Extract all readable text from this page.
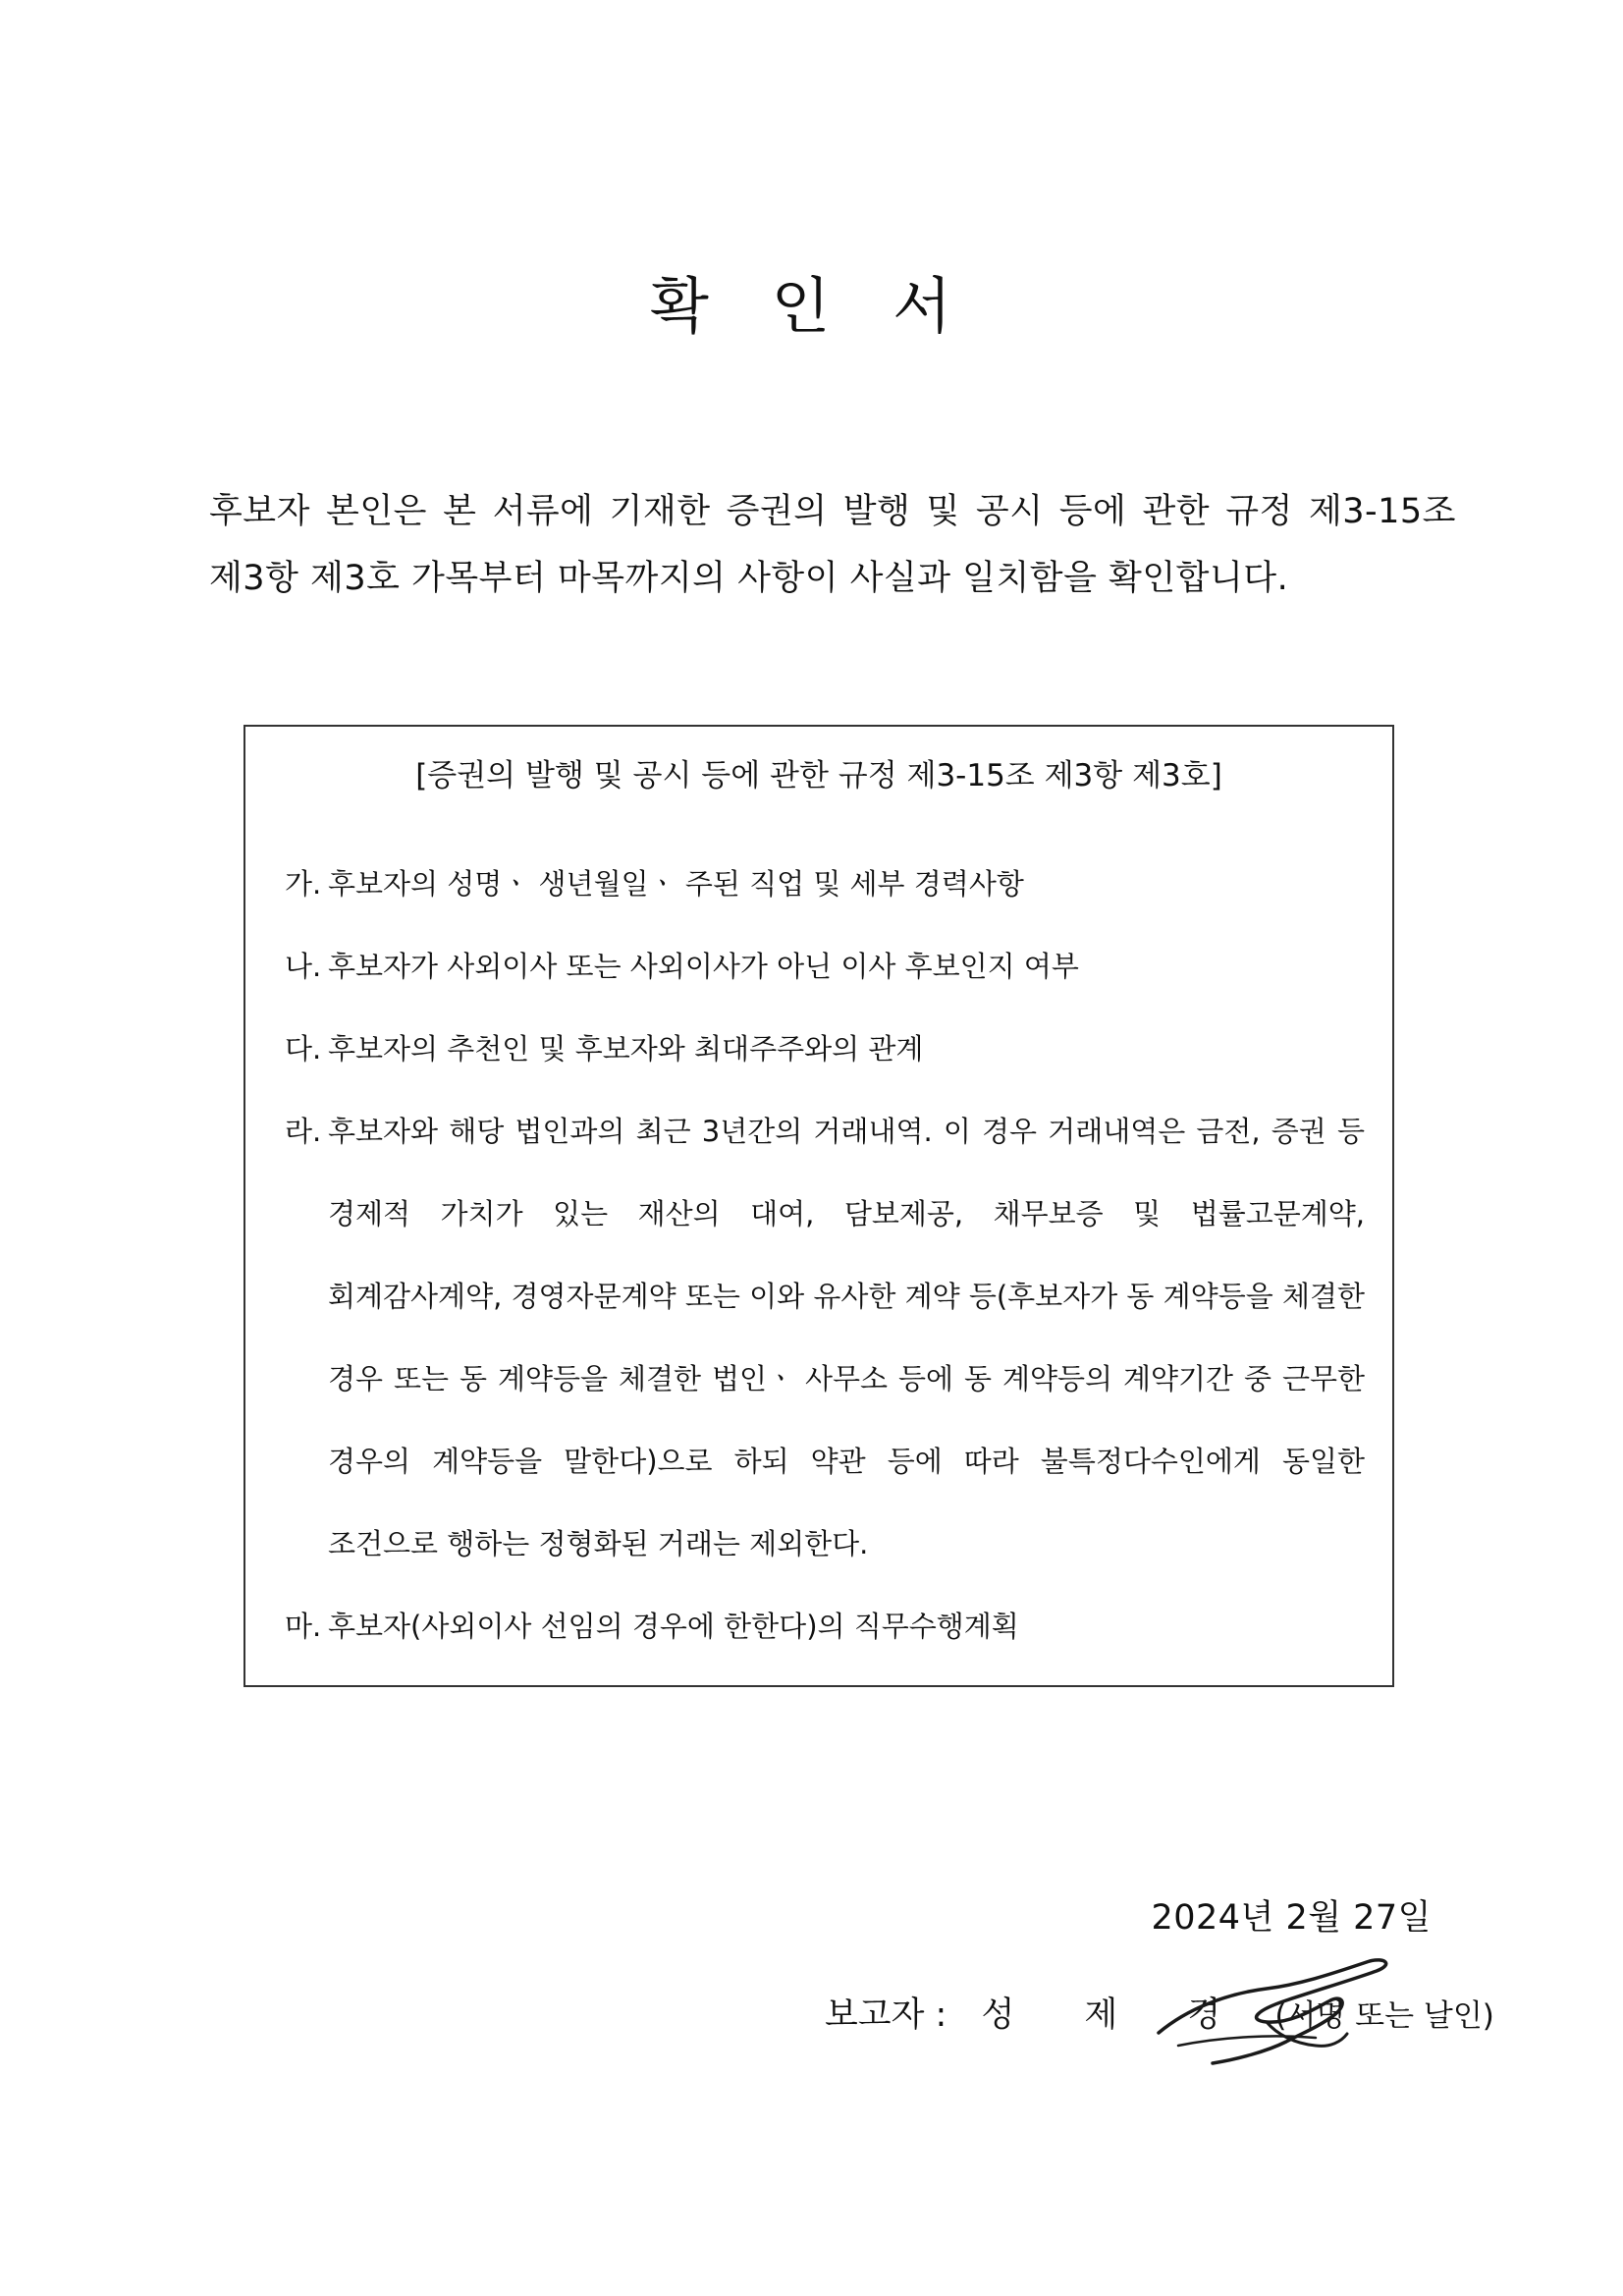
확 인 서
후보자 본인은 본 서류에 기재한 증권의 발행 및 공시 등에 관한 규정 제3-15조 제3항 제3호 가목부터 마목까지의 사항이 사실과 일치함을 확인합니다.
[증권의 발행 및 공시 등에 관한 규정 제3-15조 제3항 제3호]
가. 후보자의 성명ㆍ 생년월일ㆍ 주된 직업 및 세부 경력사항
나. 후보자가 사외이사 또는 사외이사가 아닌 이사 후보인지 여부
다. 후보자의 추천인 및 후보자와 최대주주와의 관계
라. 후보자와 해당 법인과의 최근 3년간의 거래내역. 이 경우 거래내역은 금전, 증권 등 경제적 가치가 있는 재산의 대여, 담보제공, 채무보증 및 법률고문계약, 회계감사계약, 경영자문계약 또는 이와 유사한 계약 등(후보자가 동 계약등을 체결한 경우 또는 동 계약등을 체결한 법인ㆍ 사무소 등에 동 계약등의 계약기간 중 근무한 경우의 계약등을 말한다)으로 하되 약관 등에 따라 불특정다수인에게 동일한 조건으로 행하는 정형화된 거래는 제외한다.
마. 후보자(사외이사 선임의 경우에 한한다)의 직무수행계획
2024년 2월 27일
보고자 : 성 제 경 (서명 또는 날인)
